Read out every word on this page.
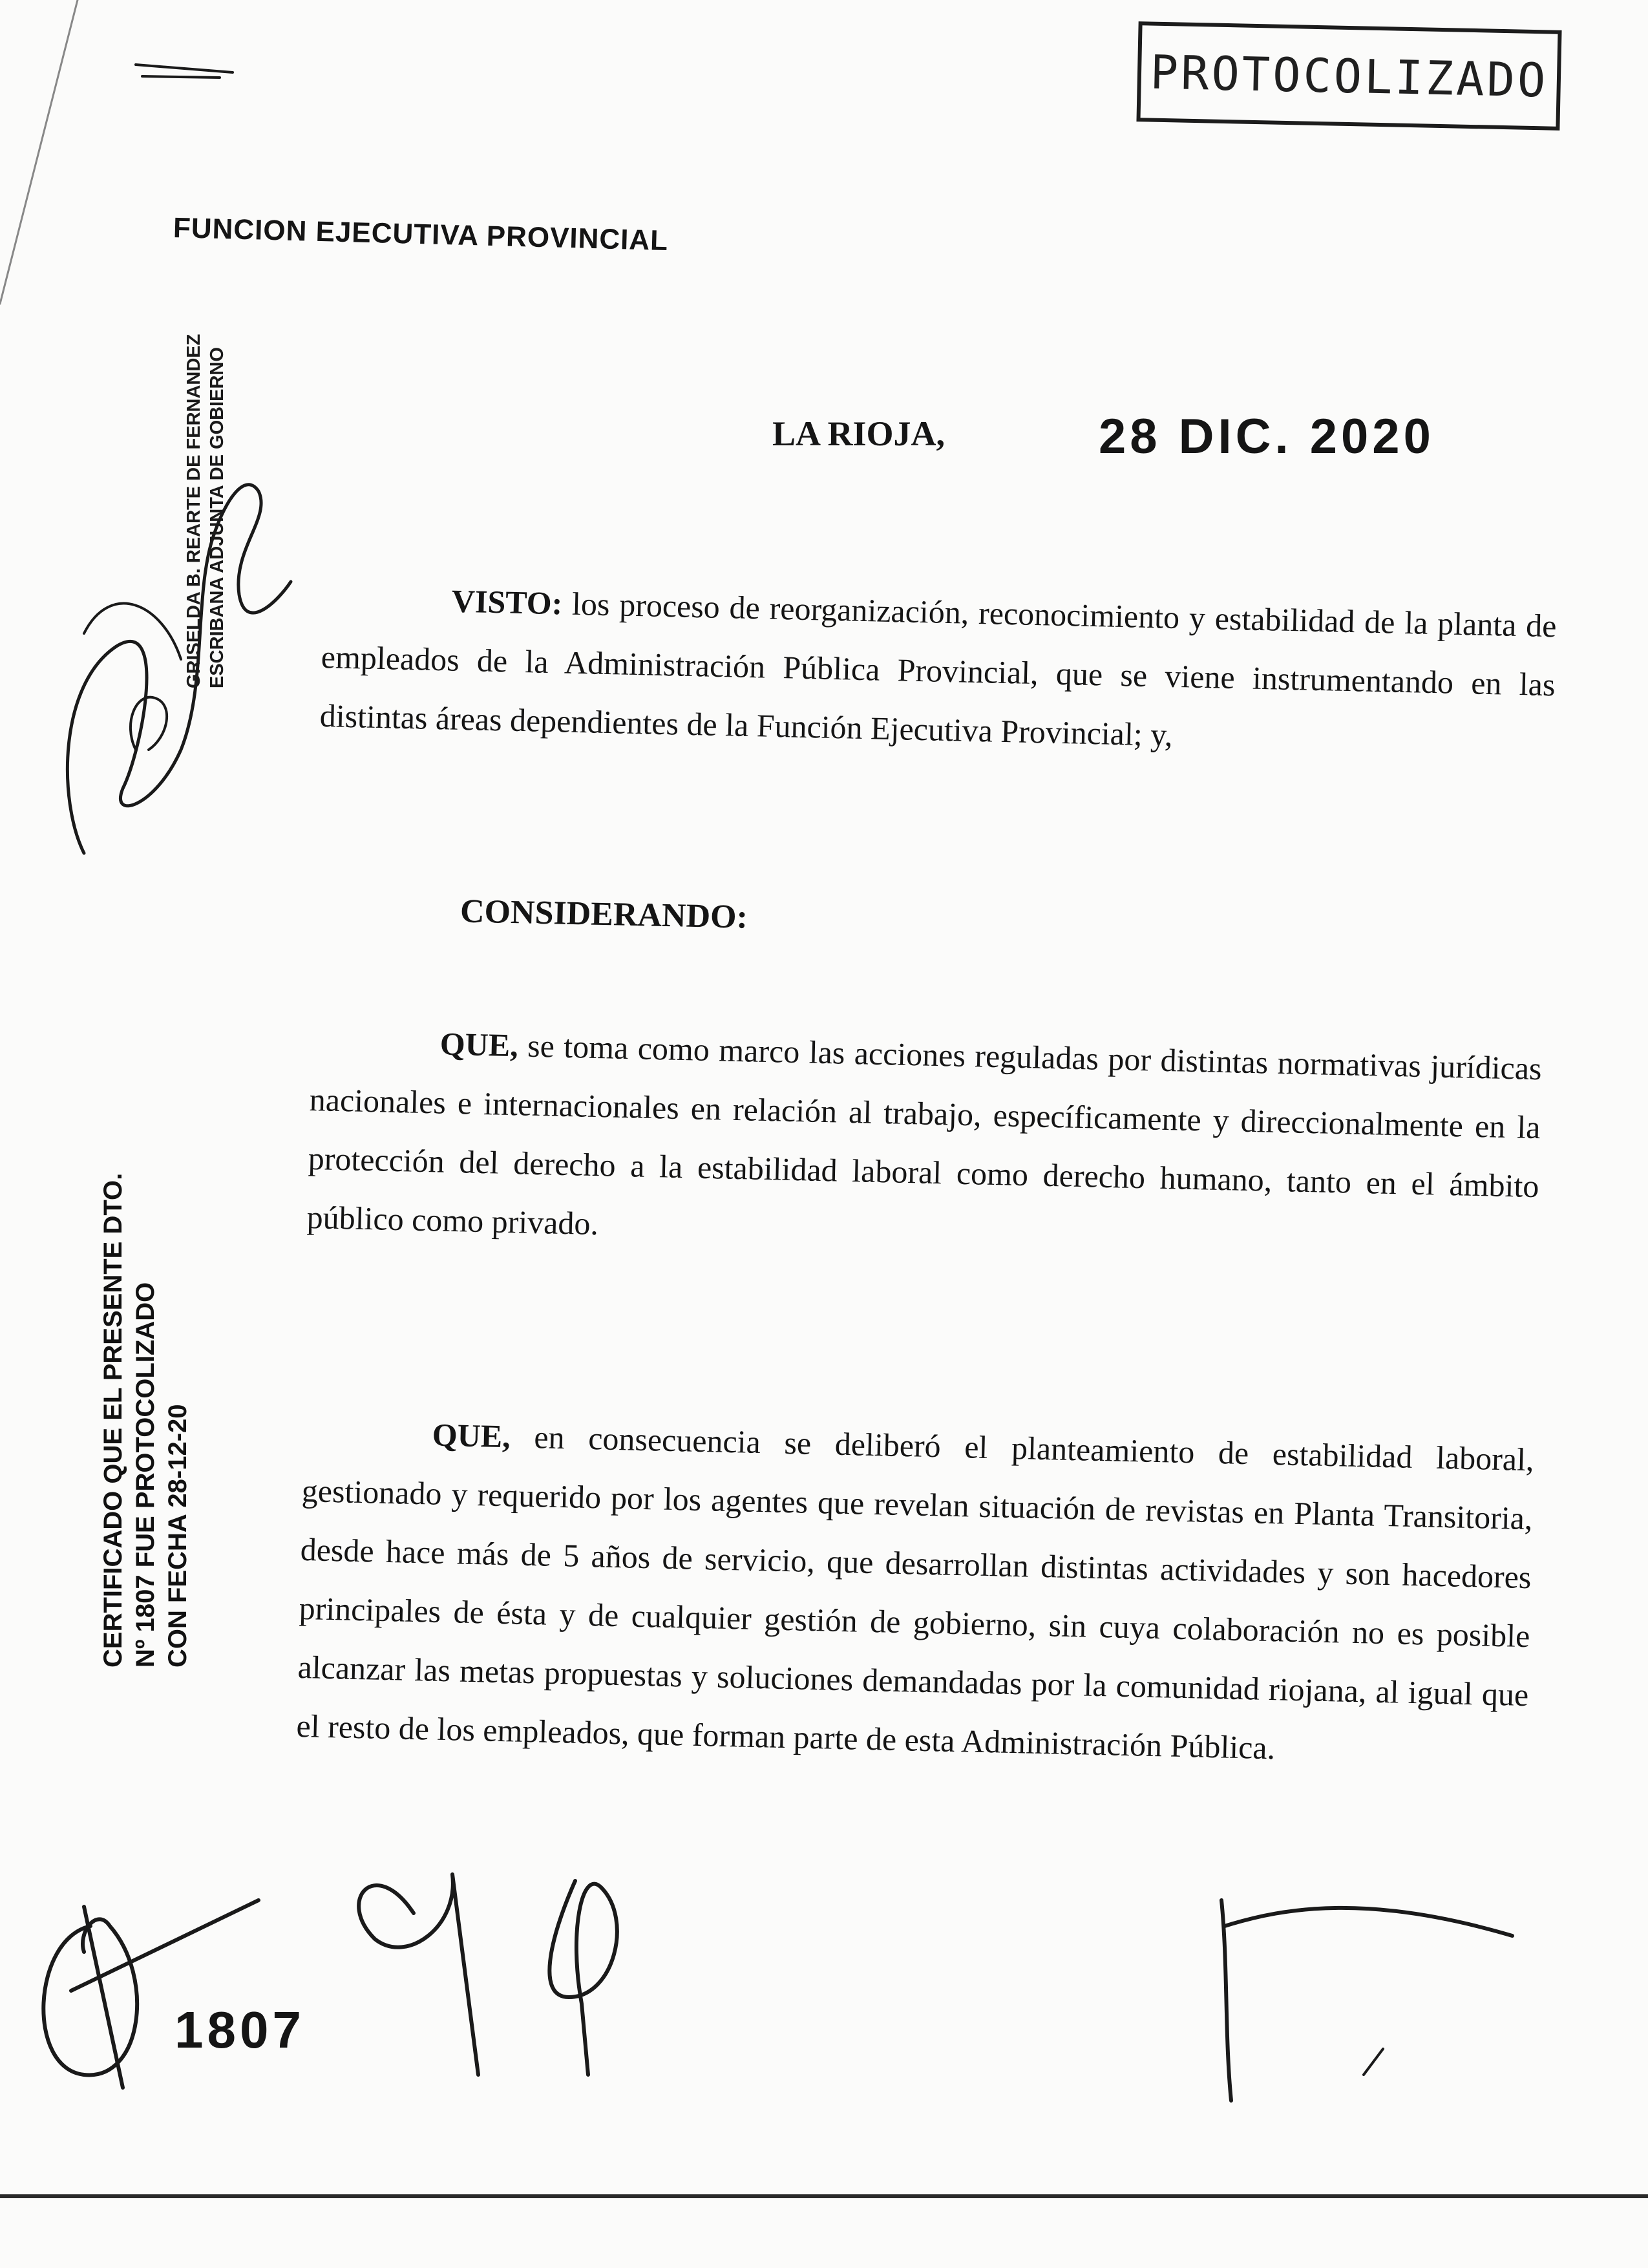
PROTOCOLIZADO
FUNCION EJECUTIVA PROVINCIAL
LA RIOJA,	28 DIC. 2020
VISTO: los proceso de reorganización, reconocimiento y estabilidad de la planta de empleados de la Administración Pública Provincial, que se viene instrumentando en las distintas áreas dependientes de la Función Ejecutiva Provincial; y,
CONSIDERANDO:
QUE, se toma como marco las acciones reguladas por distintas normativas jurídicas nacionales e internacionales en relación al trabajo, específicamente y direccionalmente en la protección del derecho a la estabilidad laboral como derecho humano, tanto en el ámbito público como privado.
QUE, en consecuencia se deliberó el planteamiento de estabilidad laboral, gestionado y requerido por los agentes que revelan situación de revistas en Planta Transitoria, desde hace más de 5 años de servicio, que desarrollan distintas actividades y son hacedores principales de ésta y de cualquier gestión de gobierno, sin cuya colaboración no es posible alcanzar las metas propuestas y soluciones demandadas por la comunidad riojana, al igual que el resto de los empleados, que forman parte de esta Administración Pública.
GRISELDA B. REARTE DE FERNANDEZ ESCRIBANA ADJUNTA DE GOBIERNO
CERTIFICADO QUE EL PRESENTE DTO. Nº 1807 FUE PROTOCOLIZADO CON FECHA 28-12-20
1807
